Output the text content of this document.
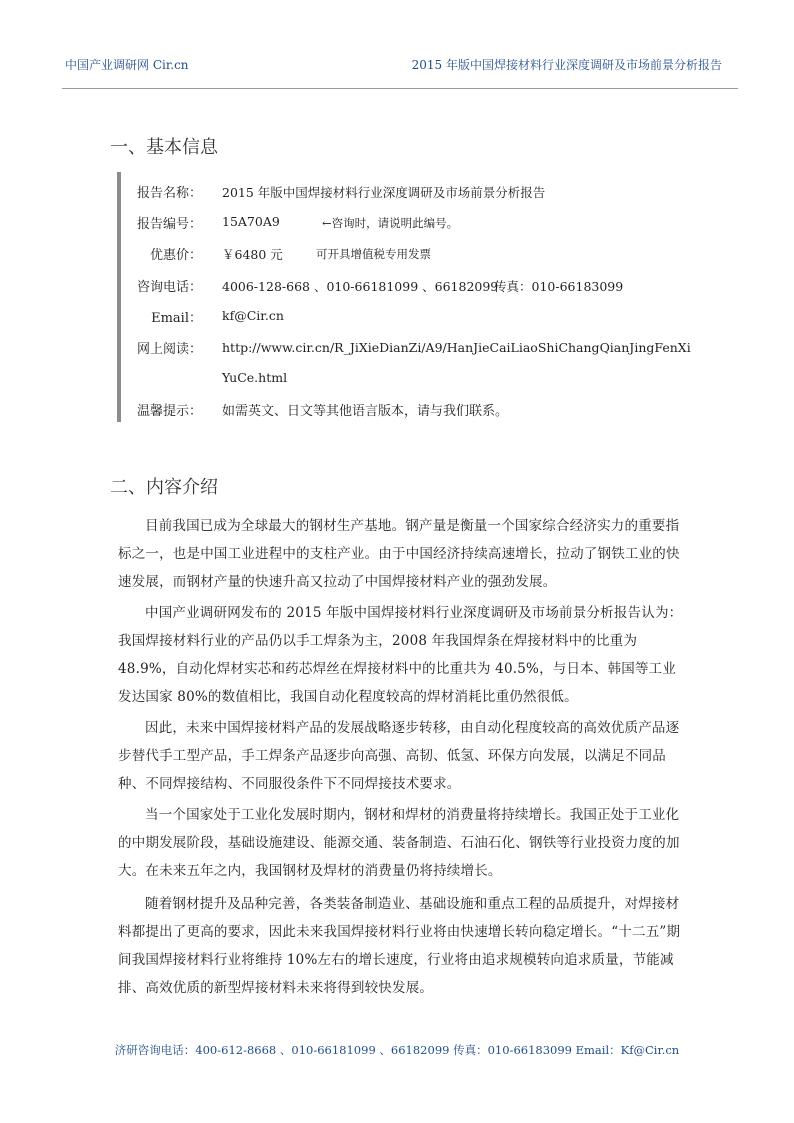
中国产业调研网 Cir.cn	2015 年版中国焊接材料行业深度调研及市场前景分析报告
一、基本信息
报告名称： 2015 年版中国焊接材料行业深度调研及市场前景分析报告
报告编号： 15A70A9	←咨询时，请说明此编号。
优惠价： ￥6480 元	可开具增值税专用发票
咨询电话： 4006-128-668 、010-66181099 、66182099
传真：010-66183099
Email： kf@Cir.cn
网上阅读： http://www.cir.cn/R_JiXieDianZi/A9/HanJieCaiLiaoShiChangQianJingFenXi
YuCe.html
温馨提示： 如需英文、日文等其他语言版本，请与我们联系。
二、内容介绍

目前我国已成为全球最大的钢材生产基地。钢产量是衡量一个国家综合经济实力的重要指标之一，也是中国工业进程中的支柱产业。由于中国经济持续高速增长，拉动了钢铁工业的快速发展，而钢材产量的快速升高又拉动了中国焊接材料产业的强劲发展。

中国产业调研网发布的 2015 年版中国焊接材料行业深度调研及市场前景分析报告认为：我国焊接材料行业的产品仍以手工焊条为主，2008 年我国焊条在焊接材料中的比重为 48.9%，自动化焊材实芯和药芯焊丝在焊接材料中的比重共为 40.5%，与日本、韩国等工业发达国家 80%的数值相比，我国自动化程度较高的焊材消耗比重仍然很低。

因此，未来中国焊接材料产品的发展战略逐步转移，由自动化程度较高的高效优质产品逐步替代手工型产品，手工焊条产品逐步向高强、高韧、低氢、环保方向发展，以满足不同品种、不同焊接结构、不同服役条件下不同焊接技术要求。

当一个国家处于工业化发展时期内，钢材和焊材的消费量将持续增长。我国正处于工业化的中期发展阶段，基础设施建设、能源交通、装备制造、石油石化、钢铁等行业投资力度的加大。在未来五年之内，我国钢材及焊材的消费量仍将持续增长。

随着钢材提升及品种完善，各类装备制造业、基础设施和重点工程的品质提升，对焊接材料都提出了更高的要求，因此未来我国焊接材料行业将由快速增长转向稳定增长。“十二五”期间我国焊接材料行业将维持 10%左右的增长速度，行业将由追求规模转向追求质量，节能减排、高效优质的新型焊接材料未来将得到较快发展。

济研咨询电话：400-612-8668 、010-66181099 、66182099 传真：010-66183099 Email：Kf@Cir.cn
